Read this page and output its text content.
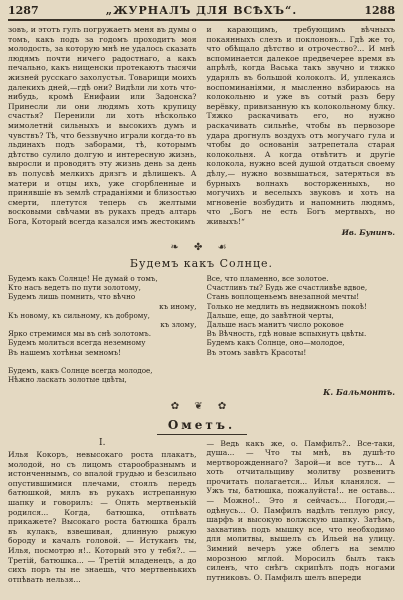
1287	„ЖУРНАЛЪ ДЛЯ ВСѢХЪ“.	1288

зовъ, и этотъ гулъ погружаетъ меня въ думы о томъ, какъ подъ за годомъ проходитъ моя молодость, за которую мнѣ не удалось сказать людямъ почти ничего радостнаго, а какъ печально, какъ нищенски протекаютъ тысячи жизней русскаго захолустья. Товарищи моихъ далекихъ дней,—гдѣ они? Видѣли ли хоть что-нибудь, кромѣ Енифаии или Задонска? Принесли ли они людямъ хоть крупицу счастья? Перенили ли хоть нѣсколько мимолетнй сильныхъ и высокихъ думъ и чувствъ? Тѣ, что беззвучно играли когда-то въ льдинахъ подъ заборами, тѣ, которымъ дѣтство сулило долгую и интересную жизнь, выросли и проводятъ эту жизнь день за день въ полусвѣ мелкихъ дрязгъ и дѣлишекъ. А матери и отцы ихъ, уже сгорбленные и принявшіе въ землѣ страданіями и близостью смерти, плетутся теперь съ желтыми восковыми свѣчами въ рукахъ предъ алтарь Бога, Который всегда казался имъ жестокимъ

и карающимъ, требующимъ вѣчныхъ покаянныхъ слезъ и поклоновъ... Гдѣ же то, что обѣщало дѣтство и отрочество?... И мнѣ вспоминается далекое предвечерее время въ апрѣлѣ, когда Васька такъ звучно и тяжко ударялъ въ большой колоколъ. И, уплекаясь воспоминаніями, я мысленно взбираюсь на колокольню и уже въ сотый разъ беру верёвку, привязанную къ колокольному блку. Тяжко раскачивать его, но нужно раскачивать сильнѣе, чтобы въ первозоре удара дрогнулъ воздухъ отъ могучаго гула и чтобы до основанія затрепетала старая колокольня. А когда отвѣтитъ и другіе колокола, нужно всей душой отдаться своему дѣлу,— нужно возвышаться, затеряться въ бурныхъ волнахъ восторженныхъ, но могучихъ и веселыхъ звуковъ и хоть на мгновеніе возбудить и напомнить людямъ, что „Богъ не есть Богъ мертвыхъ, но живыхъ!“

Ив. Бунинъ.
❧ ✤ ☙
Будемъ какъ Солнце.
Будемъ какъ Солнце! Не думай о томъ,
Кто насъ ведетъ по пути золотому,
Будемъ лишь помнить, что вѣчно
къ иному,
Къ новому, къ сильному, къ доброму,
къ злому,
Ярко стремимся мы въ снѣ золотомъ.
Будемъ молиться всегда неземному
Въ нашемъ хотѣньи земномъ!

Будемъ, какъ Солнце всегда молодое,
Нѣжно ласкать золотые цвѣты,
Все, что пламенно, все золотое.
Счастливъ ты? Будь же счастливѣе вдвое,
Стань воплощеньемъ внезапной мечты!
Только не медлить въ недвижномъ покоѣ!
Дальше, еще, до завѣтной черты,
Дальше насъ манитъ число роковое
Въ Вѣчность, гдѣ новые вспыхнутъ цвѣты.
Будемъ какъ Солнце, оно—молодое,
Въ этомъ завѣтъ Красоты!
К. Бальмонтъ.
✿ ❦ ✿
Ометъ.
I.

Илья Кокоръ, невысокаго роста плакатъ, молодой, но съ лицомъ старообразнымъ и истонченнымъ, со впалой грудью и безсильно опустившимися плечами, стоялъ передъ батюшкой, мялъ въ рукахъ истрепанную шапку и говорилъ: — Опять мертвенькій родился... Когда, батюшка, отпѣвать прикажете? Высокаго роста батюшка бралъ въ кулакъ, взвешивая, длинную рыжую бороду и качалъ головой. — Истуканъ ты, Илья, посмотрю я!.. Который это у тебя?.. — Третій, батюшка... — Третій младенецъ, а до сихъ поръ ты не знаешь, что мертвенькихъ отпѣвать нельзя...

— Ведь какъ же, о. Памфилъ?.. Все-таки, душа... — Что ты мнѣ, въ душѣ-то мертворожденнаго? Зарой—и все тутъ... А хоть отчитальщиву молитву розвенитъ прочитать полагается... Илья кланялся. — Ужъ ты, батюшка, пожалуйста!.. не оставь... — Можно!.. Это я сейчасъ... Погоди,—одѣнусь... О. Памфилъ надѣлъ теплую рясу, шарфъ и высокую волжскую шапку. Затѣмъ, захвативъ подъ мышку все, что необходимо для молитвы, вышелъ съ Ильей на улицу. Зимний вечеръ уже облегъ на землю морозною мглой. Моросилъ былъ такъ силенъ, что снѣгъ скрипѣлъ подъ ногами путниковъ. О. Памфилъ шелъ впереди
